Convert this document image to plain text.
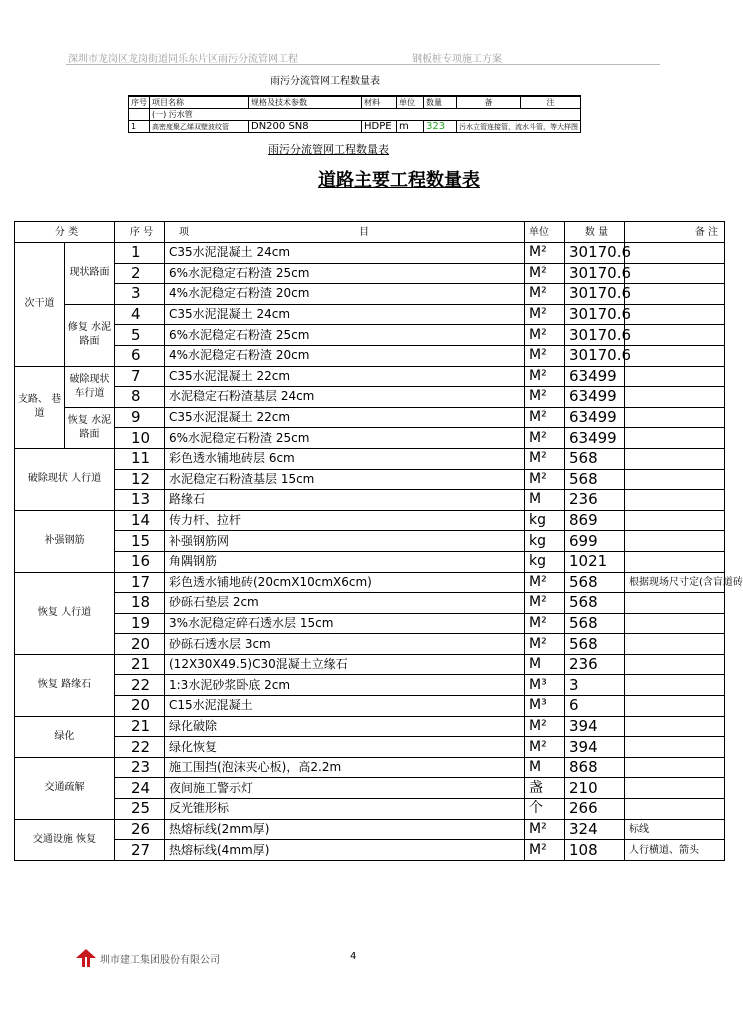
深圳市龙岗区龙岗街道同乐东片区雨污分流管网工程	钢板桩专项施工方案
雨污分流管网工程数量表
序号	项目名称	规格及技术参数	材料	单位	数量	备	注
	(一) 污水管						
1	高密度聚乙烯双壁波纹管	DN200 SN8	HDPE	m	323	污水立管连接管，流水斗管，等大样图	
雨污分流管网工程数量表
道路主要工程数量表
分 类		序 号	项 目	单位	数 量	备 注
次干道	现状路面	1	C35水泥混凝土 24cm	M²	30170.6	
		2	6%水泥稳定石粉渣 25cm	M²	30170.6	
		3	4%水泥稳定石粉渣 20cm	M²	30170.6	
	修复 水泥路面	4	C35水泥混凝土 24cm	M²	30170.6	
		5	6%水泥稳定石粉渣 25cm	M²	30170.6	
		6	4%水泥稳定石粉渣 20cm	M²	30170.6	
支路、 巷道	破除现状 车行道	7	C35水泥混凝土 22cm	M²	63499	
		8	水泥稳定石粉渣基层 24cm	M²	63499	
	恢复 水泥路面	9	C35水泥混凝土 22cm	M²	63499	
		10	6%水泥稳定石粉渣 25cm	M²	63499	
破除现状 人行道		11	彩色透水铺地砖层 6cm	M²	568	
		12	水泥稳定石粉渣基层 15cm	M²	568	
		13	路缘石	M	236	
补强钢筋		14	传力杆、拉杆	kg	869	
		15	补强钢筋网	kg	699	
		16	角隅钢筋	kg	1021	
恢复 人行道		17	彩色透水铺地砖(20cmX10cmX6cm)	M²	568	根据现场尺寸定(含盲道砖
		18	砂砾石垫层 2cm	M²	568	
		19	3%水泥稳定碎石透水层 15cm	M²	568	
		20	砂砾石透水层 3cm	M²	568	
恢复 路缘石		21	(12X30X49.5)C30混凝土立缘石	M	236	
		22	1:3水泥砂浆卧底 2cm	M³	3	
		20	C15水泥混凝土	M³	6	
绿化		21	绿化破除	M²	394	
		22	绿化恢复	M²	394	
交通疏解		23	施工围挡(泡沫夹心板)，高2.2m	M	868	
		24	夜间施工警示灯	盏	210	
		25	反光锥形标	个	266	
交通设施 恢复		26	热熔标线(2mm厚)	M²	324	标线
		27	热熔标线(4mm厚)	M²	108	人行横道、箭头
圳市建工集团股份有限公司	4
